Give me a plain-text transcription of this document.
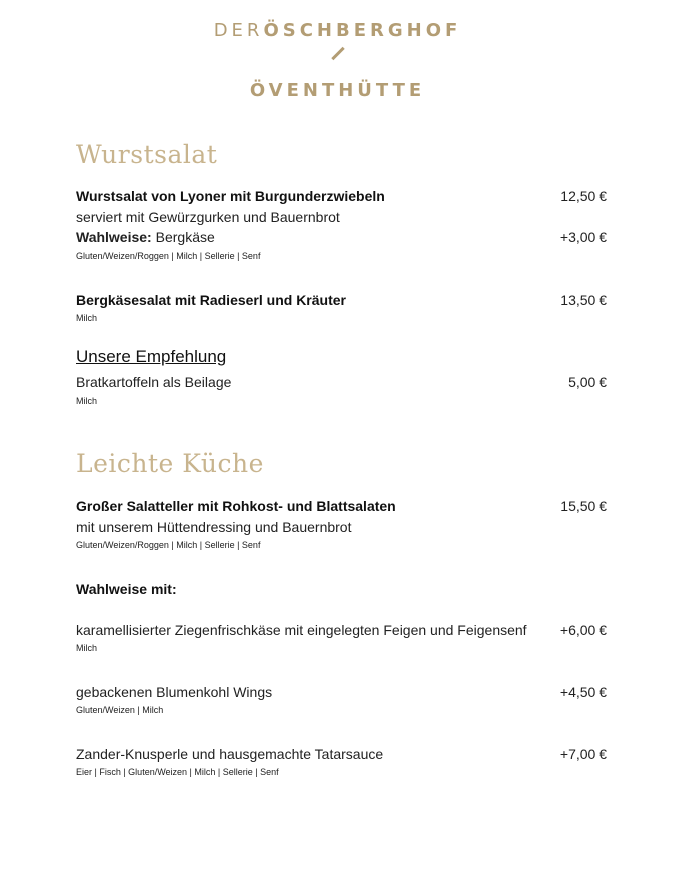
DERÖSCHBERGHOF
ÖVENTHÜTTE
Wurstsalat
Wurstsalat von Lyoner mit Burgunderzwiebeln	12,50 €
serviert mit Gewürzgurken und Bauernbrot
Wahlweise: Bergkäse	+3,00 €
Gluten/Weizen/Roggen | Milch | Sellerie | Senf
Bergkäsesalat mit Radieserl und Kräuter	13,50 €
Milch
Unsere Empfehlung
Bratkartoffeln als Beilage	5,00 €
Milch
Leichte Küche
Großer Salatteller mit Rohkost- und Blattsalaten	15,50 €
mit unserem Hüttendressing und Bauernbrot
Gluten/Weizen/Roggen | Milch | Sellerie | Senf
Wahlweise mit:
karamellisierter Ziegenfrischkäse mit eingelegten Feigen und Feigensenf +6,00 €
Milch
gebackenen Blumenkohl Wings	+4,50 €
Gluten/Weizen | Milch
Zander-Knusperle und hausgemachte Tatarsauce	+7,00 €
Eier | Fisch | Gluten/Weizen | Milch | Sellerie | Senf
